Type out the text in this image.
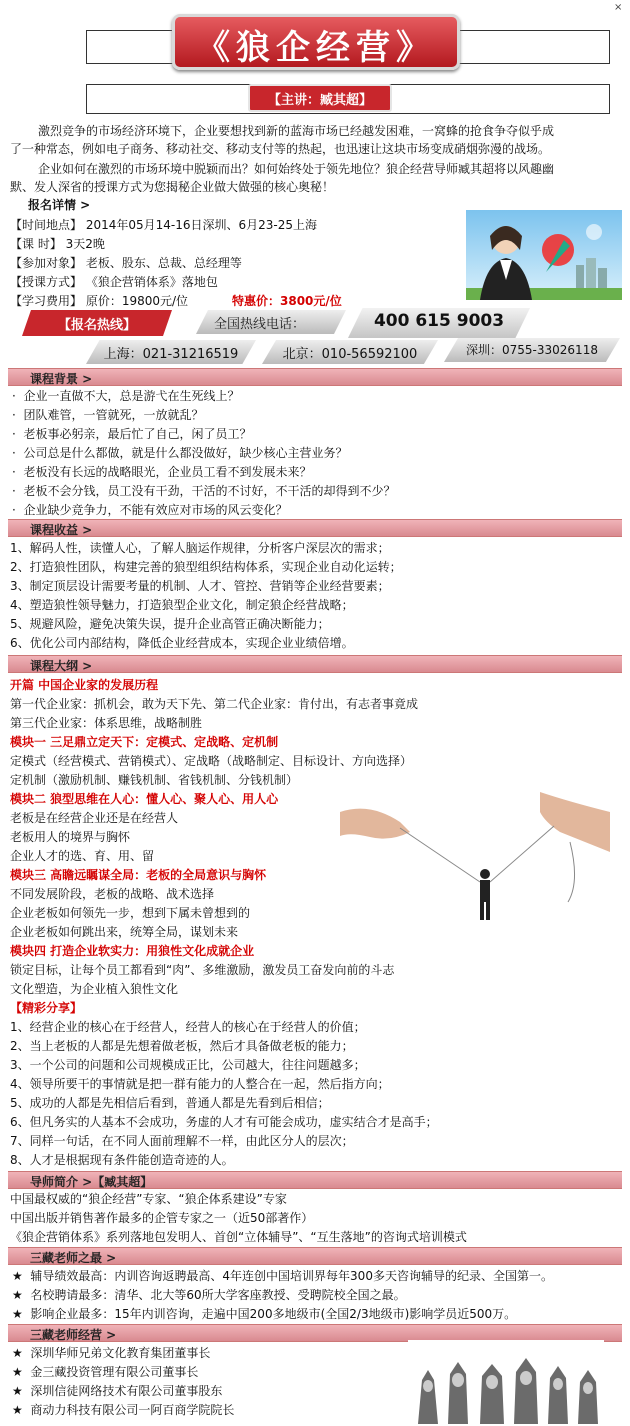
×
《狼企经营》
【主讲：臧其超】
激烈竞争的市场经济环境下，企业要想找到新的蓝海市场已经越发困难，一窝蜂的抢食争夺似乎成
了一种常态，例如电子商务、移动社交、移动支付等的热起，也迅速让这块市场变成硝烟弥漫的战场。
企业如何在激烈的市场环境中脱颖而出？如何始终处于领先地位？狼企经营导师臧其超将以风趣幽
默、发人深省的授课方式为您揭秘企业做大做强的核心奥秘！
报名详情 >
【时间地点】 2014年05月14-16日深圳、6月23-25上海
【课 时】 3天2晚
【参加对象】 老板、股东、总裁、总经理等
【授课方式】 《狼企营销体系》落地包
【学习费用】 原价：19800元/位	特惠价：3800元/位
【报名热线】	全国热线电话：	400 615 9003
上海：021-31216519	北京：010-56592100	深圳：0755-33026118
课程背景 >
·  企业一直做不大，总是游弋在生死线上？
·  团队难管，一管就死，一放就乱？
·  老板事必躬亲，最后忙了自己，闲了员工？
·  公司总是什么都做，就是什么都没做好，缺少核心主营业务？
·  老板没有长远的战略眼光，企业员工看不到发展未来？
·  老板不会分钱，员工没有干劲，干活的不讨好，不干活的却得到不少？
·  企业缺少竞争力，不能有效应对市场的风云变化？
课程收益 >
1、解码人性，读懂人心，了解人脑运作规律，分析客户深层次的需求；
2、打造狼性团队，构建完善的狼型组织结构体系，实现企业自动化运转；
3、制定顶层设计需要考量的机制、人才、管控、营销等企业经营要素；
4、塑造狼性领导魅力，打造狼型企业文化，制定狼企经营战略；
5、规避风险，避免决策失误，提升企业高管正确决断能力；
6、优化公司内部结构，降低企业经营成本，实现企业业绩倍增。
课程大纲 >
开篇 中国企业家的发展历程
第一代企业家：抓机会，敢为天下先、第二代企业家：肯付出，有志者事竟成
第三代企业家：体系思维，战略制胜
模块一 三足鼎立定天下：定模式、定战略、定机制
定模式（经营模式、营销模式）、定战略（战略制定、目标设计、方向选择）
定机制（激励机制、赚钱机制、省钱机制、分钱机制）
模块二 狼型思维在人心：懂人心、聚人心、用人心
老板是在经营企业还是在经营人
老板用人的境界与胸怀
企业人才的选、育、用、留
模块三 高瞻远瞩谋全局：老板的全局意识与胸怀
不同发展阶段，老板的战略、战术选择
企业老板如何领先一步，想到下属未曾想到的
企业老板如何跳出来，统筹全局，谋划未来
模块四 打造企业软实力：用狼性文化成就企业
锁定目标，让每个员工都看到“肉”、多维激励，激发员工奋发向前的斗志
文化塑造，为企业植入狼性文化
【精彩分享】
1、经营企业的核心在于经营人，经营人的核心在于经营人的价值；
2、当上老板的人都是先想着做老板，然后才具备做老板的能力；
3、一个公司的问题和公司规模成正比，公司越大，往往问题越多；
4、领导所要干的事情就是把一群有能力的人整合在一起，然后指方向；
5、成功的人都是先相信后看到，普通人都是先看到后相信；
6、但凡务实的人基本不会成功，务虚的人才有可能会成功，虚实结合才是高手；
7、同样一句话，在不同人面前理解不一样，由此区分人的层次；
8、人才是根据现有条件能创造奇迹的人。
导师简介 >【臧其超】
中国最权威的“狼企经营”专家、“狼企体系建设”专家
中国出版并销售著作最多的企管专家之一（近50部著作）
《狼企营销体系》系列落地包发明人、首创“立体辅导”、“互生落地”的咨询式培训模式
三藏老师之最 >
★ 辅导绩效最高：内训咨询返聘最高、4年连创中国培训界每年300多天咨询辅导的纪录、全国第一。
★ 名校聘请最多：清华、北大等60所大学客座教授、受聘院校全国之最。
★ 影响企业最多：15年内训咨询，走遍中国200多地级市(全国2/3地级市)影响学员近500万。
三藏老师经营 >
★ 深圳华师兄弟文化教育集团董事长
★ 金三藏投资管理有限公司董事长
★ 深圳信徒网络技术有限公司董事股东
★ 商动力科技有限公司一阿百商学院院长
